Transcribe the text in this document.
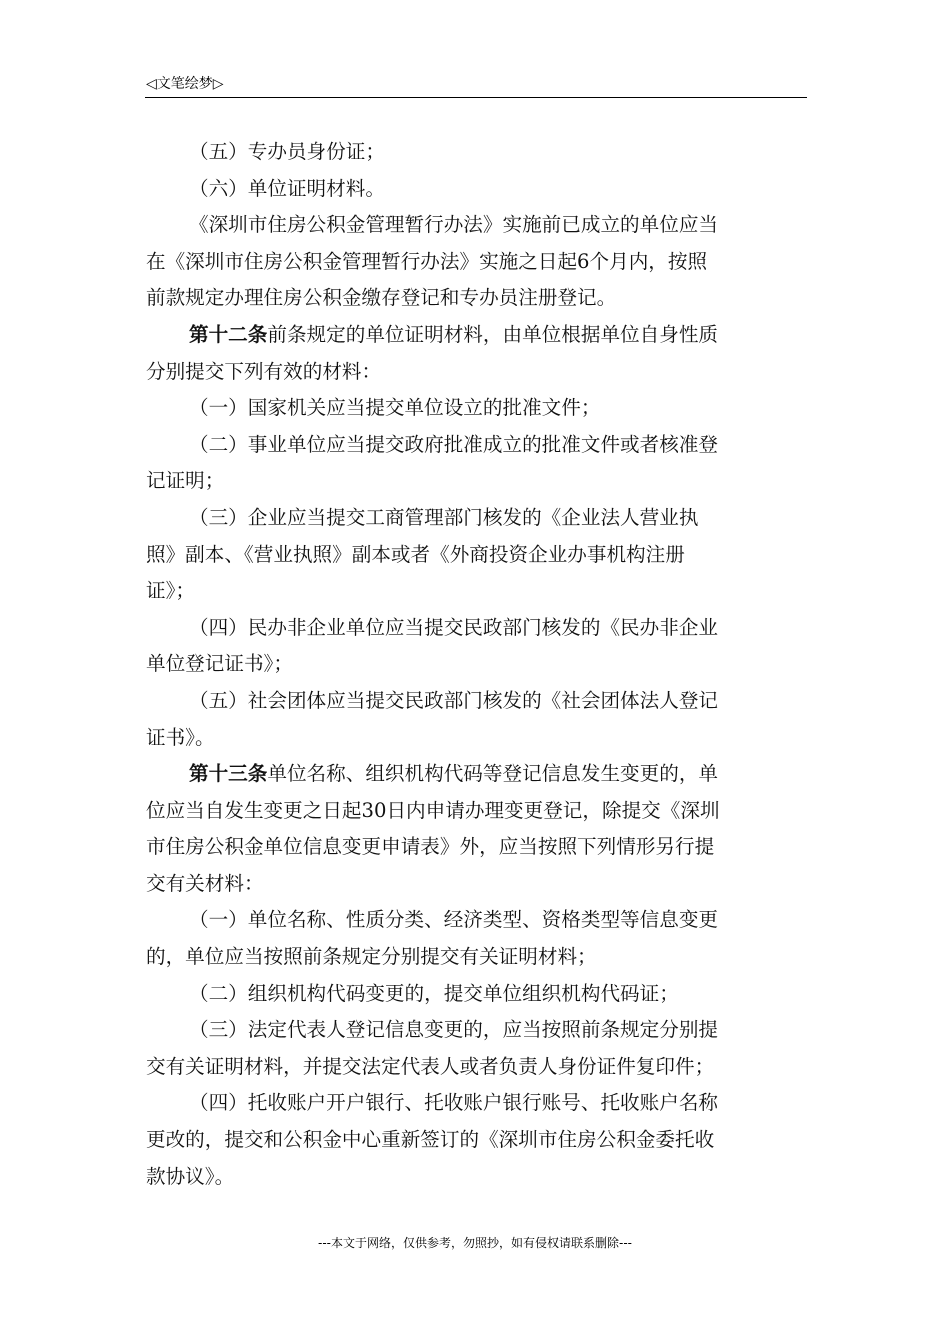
◁文笔绘梦▷
（五）专办员身份证；
（六）单位证明材料。
《深圳市住房公积金管理暂行办法》实施前已成立的单位应当
在《深圳市住房公积金管理暂行办法》实施之日起6个月内，按照
前款规定办理住房公积金缴存登记和专办员注册登记。
第十二条前条规定的单位证明材料，由单位根据单位自身性质
分别提交下列有效的材料：
（一）国家机关应当提交单位设立的批准文件；
（二）事业单位应当提交政府批准成立的批准文件或者核准登
记证明；
（三）企业应当提交工商管理部门核发的《企业法人营业执
照》副本、《营业执照》副本或者《外商投资企业办事机构注册
证》；
（四）民办非企业单位应当提交民政部门核发的《民办非企业
单位登记证书》；
（五）社会团体应当提交民政部门核发的《社会团体法人登记
证书》。
第十三条单位名称、组织机构代码等登记信息发生变更的，单
位应当自发生变更之日起30日内申请办理变更登记，除提交《深圳
市住房公积金单位信息变更申请表》外，应当按照下列情形另行提
交有关材料：
（一）单位名称、性质分类、经济类型、资格类型等信息变更
的，单位应当按照前条规定分别提交有关证明材料；
（二）组织机构代码变更的，提交单位组织机构代码证；
（三）法定代表人登记信息变更的，应当按照前条规定分别提
交有关证明材料，并提交法定代表人或者负责人身份证件复印件；
（四）托收账户开户银行、托收账户银行账号、托收账户名称
更改的，提交和公积金中心重新签订的《深圳市住房公积金委托收
款协议》。
---本文于网络，仅供参考，勿照抄，如有侵权请联系删除---
